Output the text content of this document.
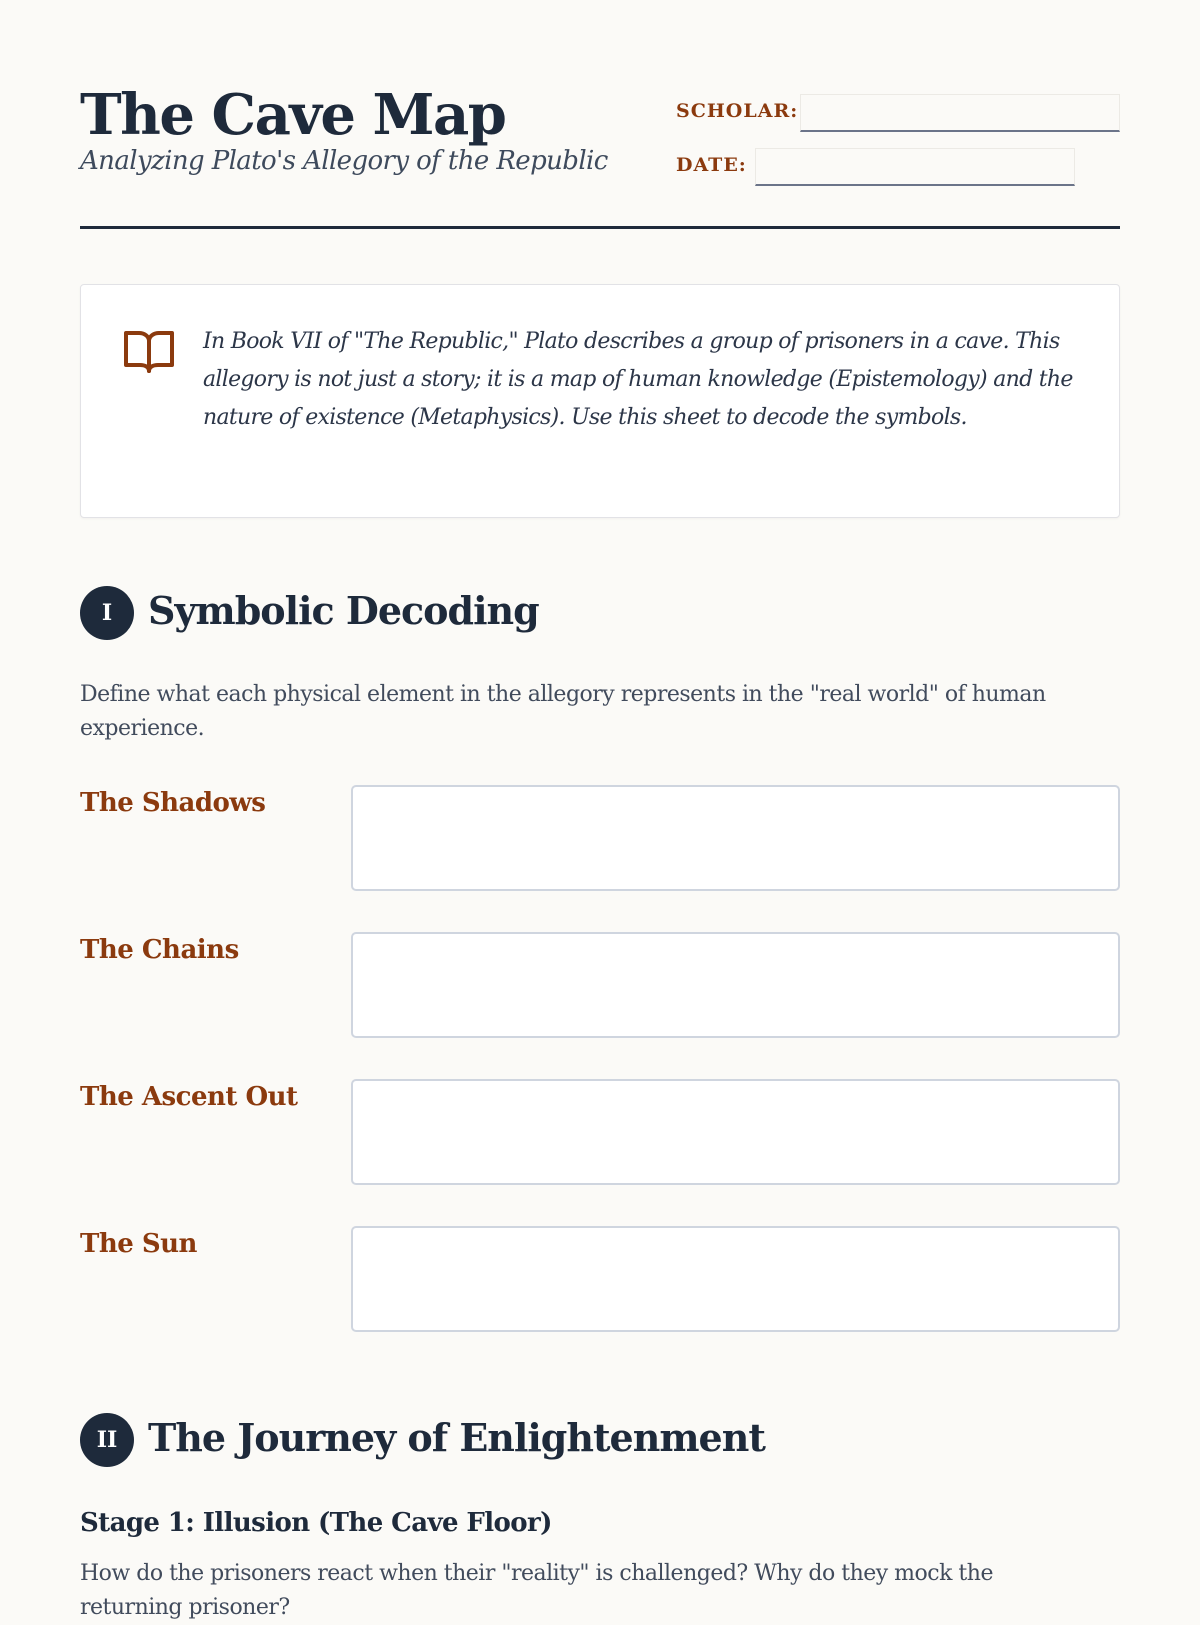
The Cave Map
Analyzing Plato's Allegory of the Republic
SCHOLAR:
DATE:
In Book VII of "The Republic," Plato describes a group of prisoners in a cave. This allegory is not just a story; it is a map of human knowledge (Epistemology) and the nature of existence (Metaphysics). Use this sheet to decode the symbols.
I Symbolic Decoding
Define what each physical element in the allegory represents in the "real world" of human experience.
The Shadows
The Chains
The Ascent Out
The Sun
II The Journey of Enlightenment
Stage 1: Illusion (The Cave Floor)
How do the prisoners react when their "reality" is challenged? Why do they mock the returning prisoner?
